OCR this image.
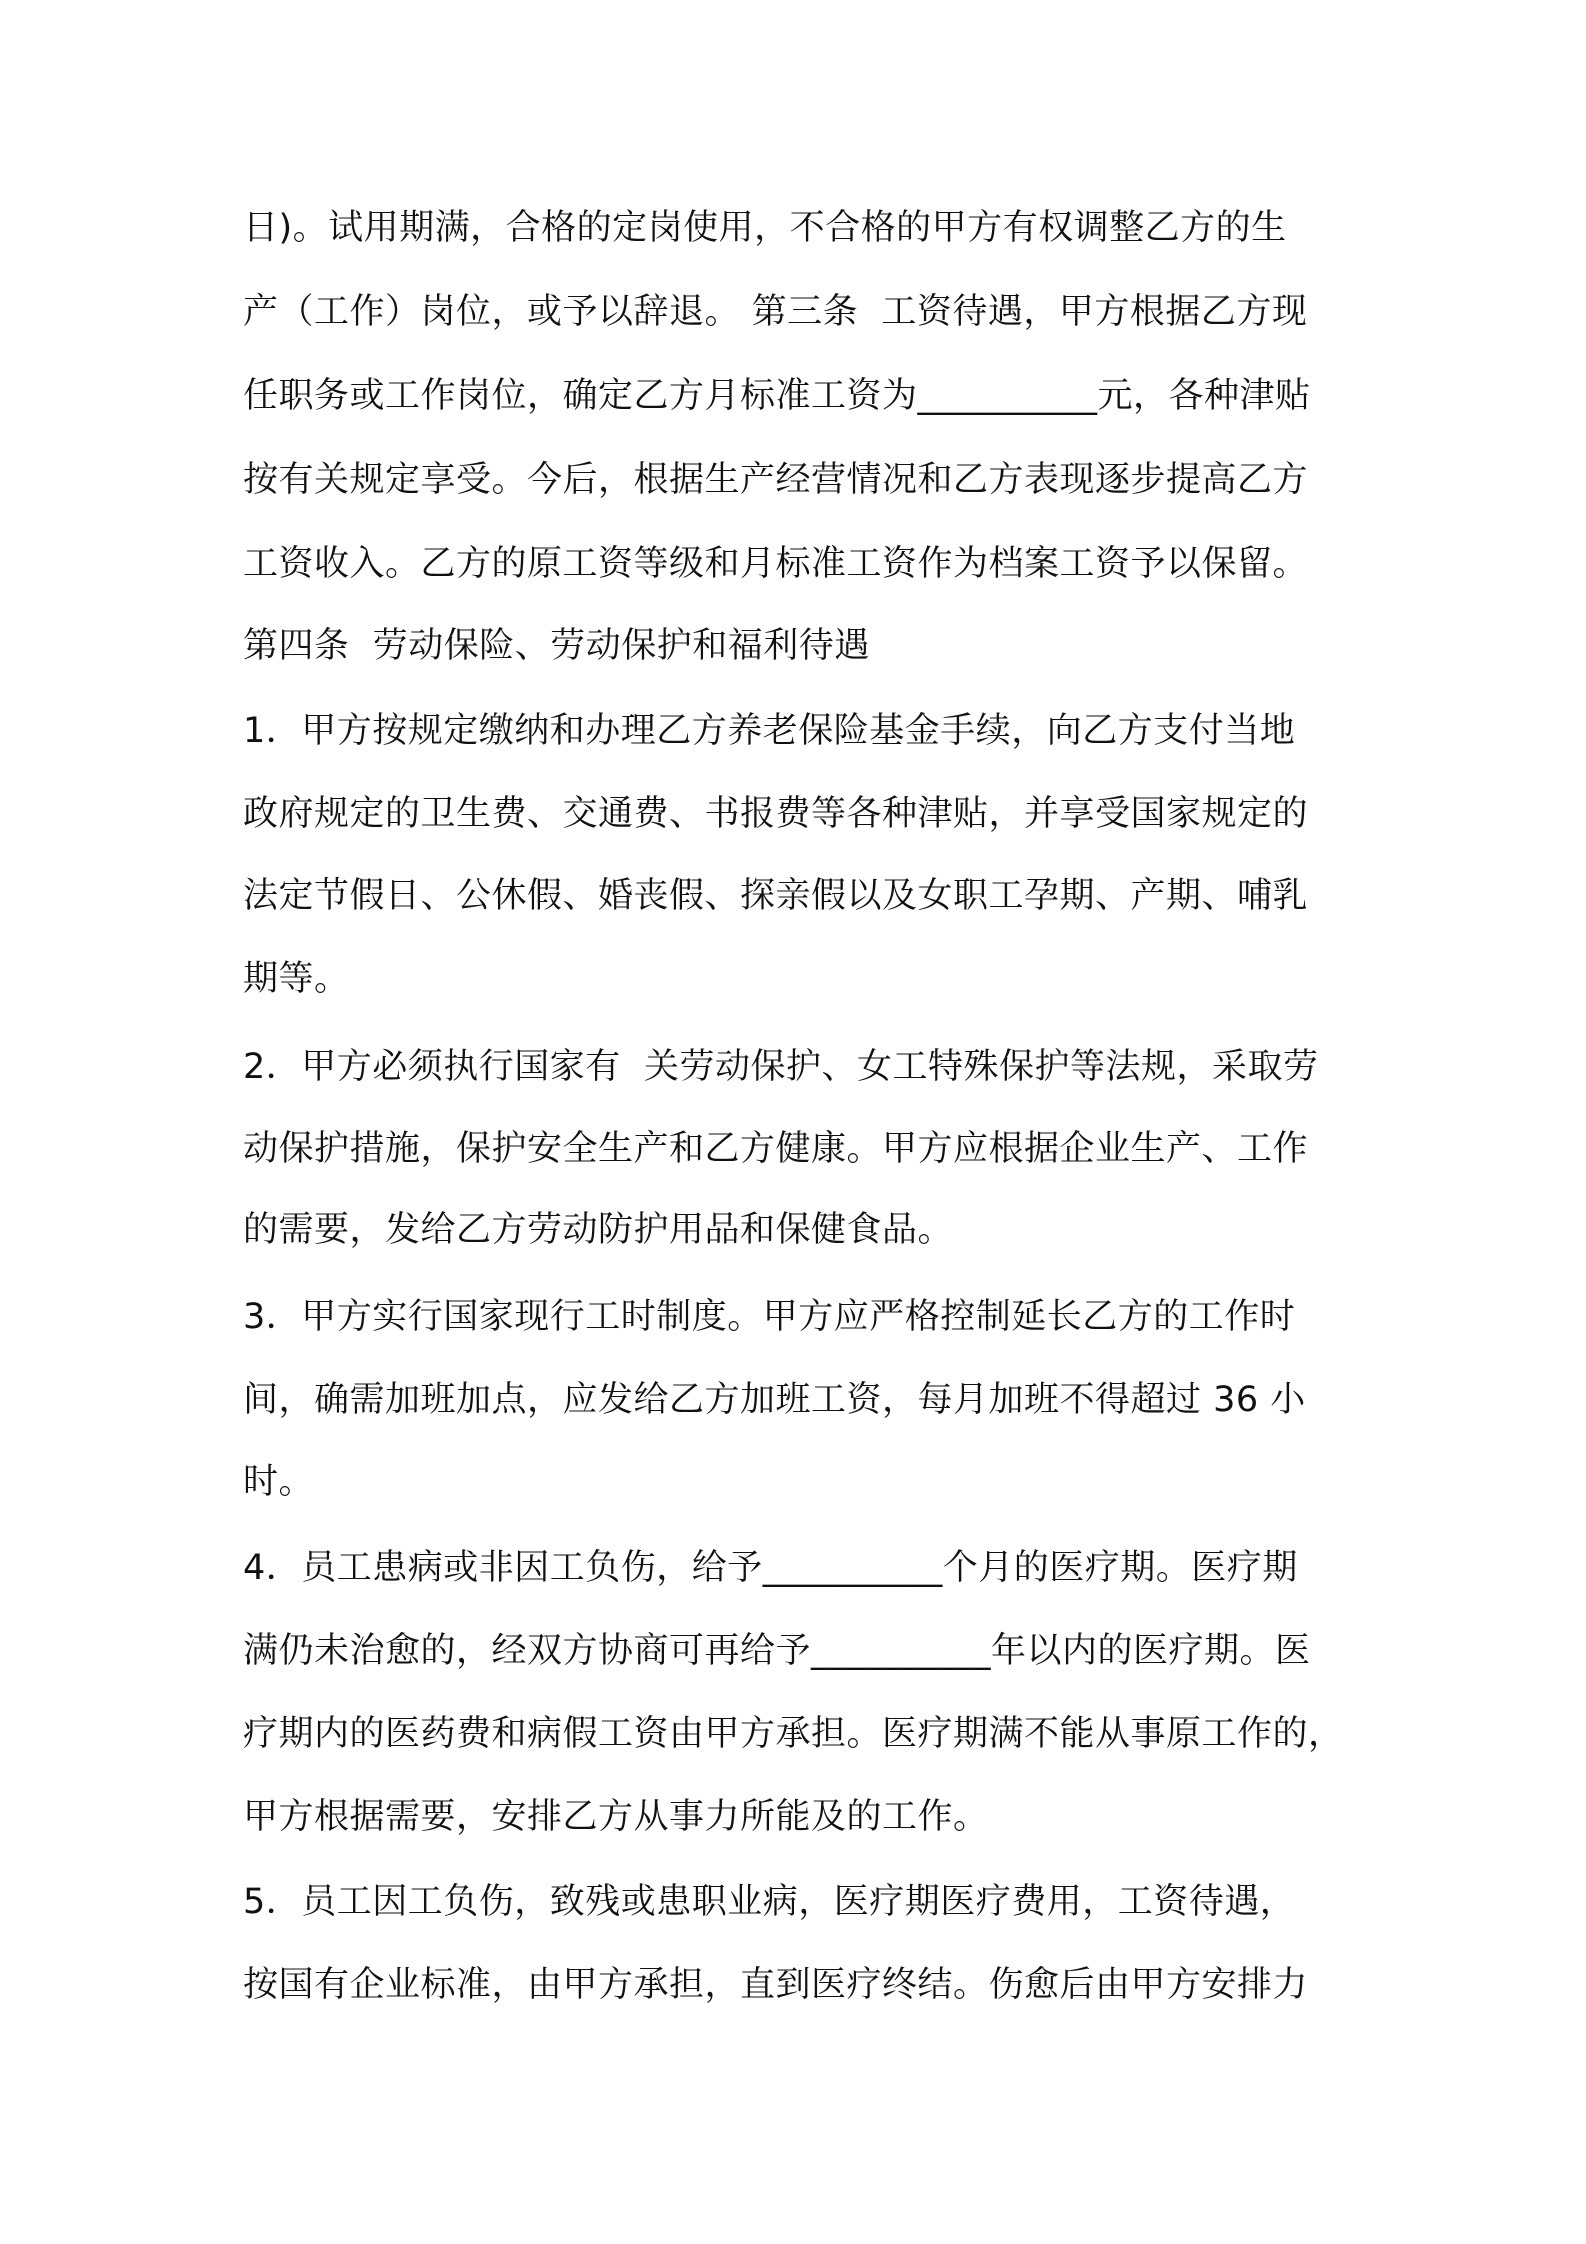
日)。试用期满，合格的定岗使用，不合格的甲方有权调整乙方的生

产（工作）岗位，或予以辞退。 第三条  工资待遇，甲方根据乙方现

任职务或工作岗位，确定乙方月标准工资为__________元，各种津贴

按有关规定享受。今后，根据生产经营情况和乙方表现逐步提高乙方

工资收入。乙方的原工资等级和月标准工资作为档案工资予以保留。

第四条  劳动保险、劳动保护和福利待遇

1．甲方按规定缴纳和办理乙方养老保险基金手续，向乙方支付当地

政府规定的卫生费、交通费、书报费等各种津贴，并享受国家规定的

法定节假日、公休假、婚丧假、探亲假以及女职工孕期、产期、哺乳

期等。

2．甲方必须执行国家有  关劳动保护、女工特殊保护等法规，采取劳

动保护措施，保护安全生产和乙方健康。甲方应根据企业生产、工作

的需要，发给乙方劳动防护用品和保健食品。

3．甲方实行国家现行工时制度。甲方应严格控制延长乙方的工作时

间，确需加班加点，应发给乙方加班工资，每月加班不得超过 36 小

时。

4．员工患病或非因工负伤，给予__________个月的医疗期。医疗期

满仍未治愈的，经双方协商可再给予__________年以内的医疗期。医

疗期内的医药费和病假工资由甲方承担。医疗期满不能从事原工作的，

甲方根据需要，安排乙方从事力所能及的工作。

5．员工因工负伤，致残或患职业病，医疗期医疗费用，工资待遇，

按国有企业标准，由甲方承担，直到医疗终结。伤愈后由甲方安排力
